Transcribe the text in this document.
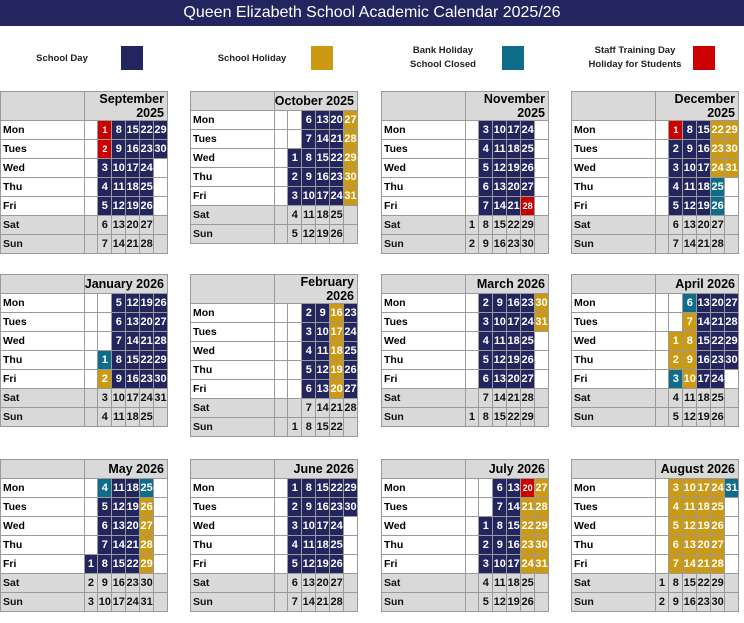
Queen Elizabeth School Academic Calendar 2025/26
School Day	School Holiday
Bank Holiday
School Closed
Staff Training Day
Holiday for Students
	September 2025					
Mon		1	8	15	22	29
Tues		2	9	16	23	30
Wed		3	10	17	24	
Thu		4	11	18	25	
Fri		5	12	19	26	
Sat		6	13	20	27	
Sun		7	14	21	28	
	October 2025					
Mon			6	13	20	27
Tues			7	14	21	28
Wed		1	8	15	22	29
Thu		2	9	16	23	30
Fri		3	10	17	24	31
Sat		4	11	18	25	
Sun		5	12	19	26	
	November 2025					
Mon		3	10	17	24	
Tues		4	11	18	25	
Wed		5	12	19	26	
Thu		6	13	20	27	
Fri		7	14	21	28	
Sat	1	8	15	22	29	
Sun	2	9	16	23	30	
	December 2025					
Mon		1	8	15	22	29
Tues		2	9	16	23	30
Wed		3	10	17	24	31
Thu		4	11	18	25	
Fri		5	12	19	26	
Sat		6	13	20	27	
Sun		7	14	21	28	
	January 2026					
Mon			5	12	19	26
Tues			6	13	20	27
Wed			7	14	21	28
Thu		1	8	15	22	29
Fri		2	9	16	23	30
Sat		3	10	17	24	31
Sun		4	11	18	25	
	February 2026					
Mon			2	9	16	23
Tues			3	10	17	24
Wed			4	11	18	25
Thu			5	12	19	26
Fri			6	13	20	27
Sat			7	14	21	28
Sun		1	8	15	22	
	March 2026					
Mon		2	9	16	23	30
Tues		3	10	17	24	31
Wed		4	11	18	25	
Thu		5	12	19	26	
Fri		6	13	20	27	
Sat		7	14	21	28	
Sun	1	8	15	22	29	
	April 2026					
Mon			6	13	20	27
Tues			7	14	21	28
Wed		1	8	15	22	29
Thu		2	9	16	23	30
Fri		3	10	17	24	
Sat		4	11	18	25	
Sun		5	12	19	26	
	May 2026					
Mon		4	11	18	25	
Tues		5	12	19	26	
Wed		6	13	20	27	
Thu		7	14	21	28	
Fri	1	8	15	22	29	
Sat	2	9	16	23	30	
Sun	3	10	17	24	31	
	June 2026					
Mon		1	8	15	22	29
Tues		2	9	16	23	30
Wed		3	10	17	24	
Thu		4	11	18	25	
Fri		5	12	19	26	
Sat		6	13	20	27	
Sun		7	14	21	28	
	July 2026					
Mon			6	13	20	27
Tues			7	14	21	28
Wed		1	8	15	22	29
Thu		2	9	16	23	30
Fri		3	10	17	24	31
Sat		4	11	18	25	
Sun		5	12	19	26	
	August 2026					
Mon		3	10	17	24	31
Tues		4	11	18	25	
Wed		5	12	19	26	
Thu		6	13	20	27	
Fri		7	14	21	28	
Sat	1	8	15	22	29	
Sun	2	9	16	23	30	
